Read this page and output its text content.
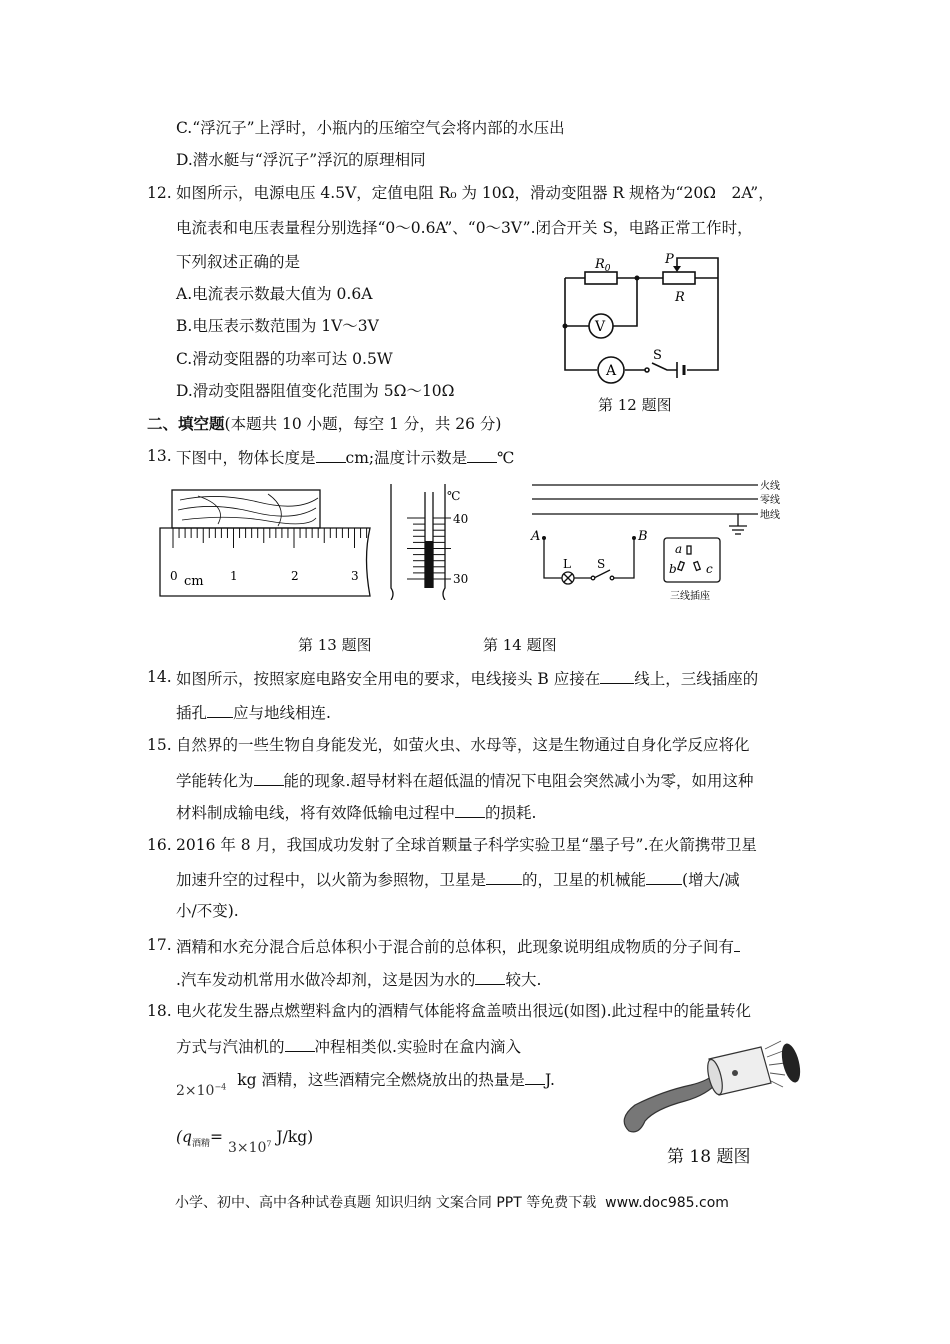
C.“浮沉子”上浮时，小瓶内的压缩空气会将内部的水压出
D.潜水艇与“浮沉子”浮沉的原理相同
12. 如图所示，电源电压 4.5V，定值电阻 R₀ 为 10Ω，滑动变阻器 R 规格为“20Ω　2A”，
电流表和电压表量程分别选择“0～0.6A”、“0～3V”.闭合开关 S，电路正常工作时，
下列叙述正确的是
A.电流表示数最大值为 0.6A
B.电压表示数范围为 1V～3V
C.滑动变阻器的功率可达 0.5W
D.滑动变阻器阻值变化范围为 5Ω～10Ω
$R_0$
P
R
V
A
S
第 12 题图
二、填空题(本题共 10 小题，每空 1 分，共 26 分)
13. 下图中，物体长度是 cm;温度计示数是 ℃
0 cm 1	2	3
℃
40
30
火线
零线
地线
A	B
L S
a
b c
三线插座
第 13 题图	第 14 题图
14. 如图所示，按照家庭电路安全用电的要求，电线接头 B 应接在 线上，三线插座的
插孔 应与地线相连.
15. 自然界的一些生物自身能发光，如萤火虫、水母等，这是生物通过自身化学反应将化
学能转化为 能的现象.超导材料在超低温的情况下电阻会突然减小为零，如用这种
材料制成输电线，将有效降低输电过程中 的损耗.
16. 2016 年 8 月，我国成功发射了全球首颗量子科学实验卫星“墨子号”.在火箭携带卫星
加速升空的过程中，以火箭为参照物，卫星是 的，卫星的机械能 (增大/减
小/不变).
17. 酒精和水充分混合后总体积小于混合前的总体积，此现象说明组成物质的分子间有
.汽车发动机常用水做冷却剂，这是因为水的 较大.
18. 电火花发生器点燃塑料盒内的酒精气体能将盒盖喷出很远(如图).此过程中的能量转化
方式与汽油机的 冲程相类似.实验时在盒内滴入
$2\times 10^{-4}$ kg 酒精，这些酒精完全燃烧放出的热量是 J.
($q_{酒精}= 3\times 10^7$ J/kg)
第 18 题图
小学、初中、高中各种试卷真题 知识归纳 文案合同 PPT 等免费下载 www.doc985.com
